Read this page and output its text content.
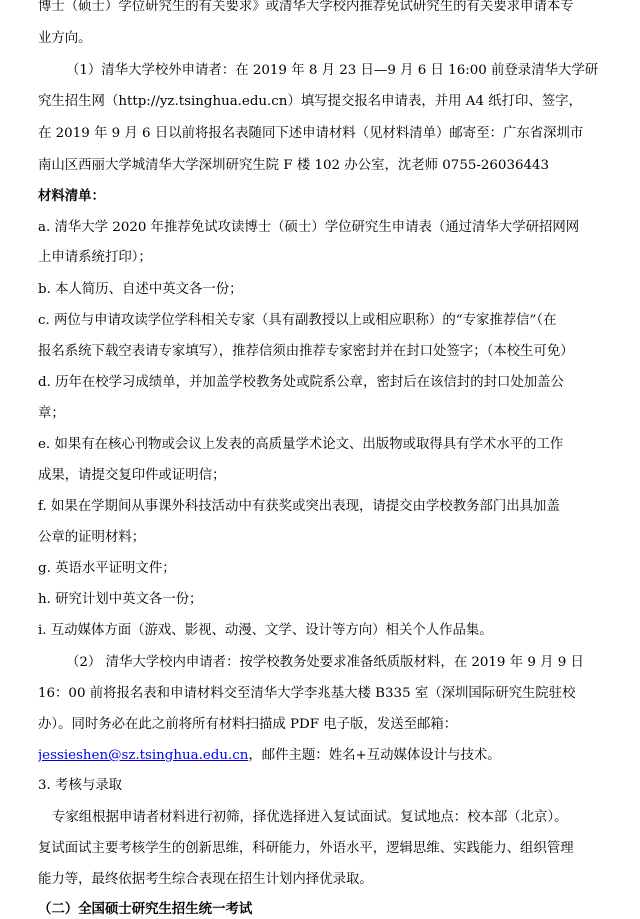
博士（硕士）学位研究生的有关要求》或清华大学校内推荐免试研究生的有关要求申请本专
业方向。
（1）清华大学校外申请者：在 2019 年 8 月 23 日—9 月 6 日 16:00 前登录清华大学研
究生招生网（http://yz.tsinghua.edu.cn）填写提交报名申请表，并用 A4 纸打印、签字，
在 2019 年 9 月 6 日以前将报名表随同下述申请材料（见材料清单）邮寄至：广东省深圳市
南山区西丽大学城清华大学深圳研究生院 F 楼 102 办公室，沈老师 0755-26036443
材料清单：
a. 清华大学 2020 年推荐免试攻读博士（硕士）学位研究生申请表（通过清华大学研招网网
上申请系统打印）；
b. 本人简历、自述中英文各一份；
c. 两位与申请攻读学位学科相关专家（具有副教授以上或相应职称）的“专家推荐信”（在
报名系统下载空表请专家填写），推荐信须由推荐专家密封并在封口处签字；（本校生可免）
d. 历年在校学习成绩单，并加盖学校教务处或院系公章，密封后在该信封的封口处加盖公
章；
e. 如果有在核心刊物或会议上发表的高质量学术论文、出版物或取得具有学术水平的工作
成果，请提交复印件或证明信；
f. 如果在学期间从事课外科技活动中有获奖或突出表现，请提交由学校教务部门出具加盖
公章的证明材料；
g. 英语水平证明文件；
h. 研究计划中英文各一份；
i. 互动媒体方面（游戏、影视、动漫、文学、设计等方向）相关个人作品集。
（2） 清华大学校内申请者：按学校教务处要求准备纸质版材料，在 2019 年 9 月 9 日
16：00 前将报名表和申请材料交至清华大学李兆基大楼 B335 室（深圳国际研究生院驻校
办）。同时务必在此之前将所有材料扫描成 PDF 电子版，发送至邮箱：
jessieshen@sz.tsinghua.edu.cn，邮件主题：姓名+互动媒体设计与技术。
3. 考核与录取
专家组根据申请者材料进行初筛，择优选择进入复试面试。复试地点：校本部（北京）。
复试面试主要考核学生的创新思维，科研能力，外语水平，逻辑思维、实践能力、组织管理
能力等，最终依据考生综合表现在招生计划内择优录取。
（二）全国硕士研究生招生统一考试
